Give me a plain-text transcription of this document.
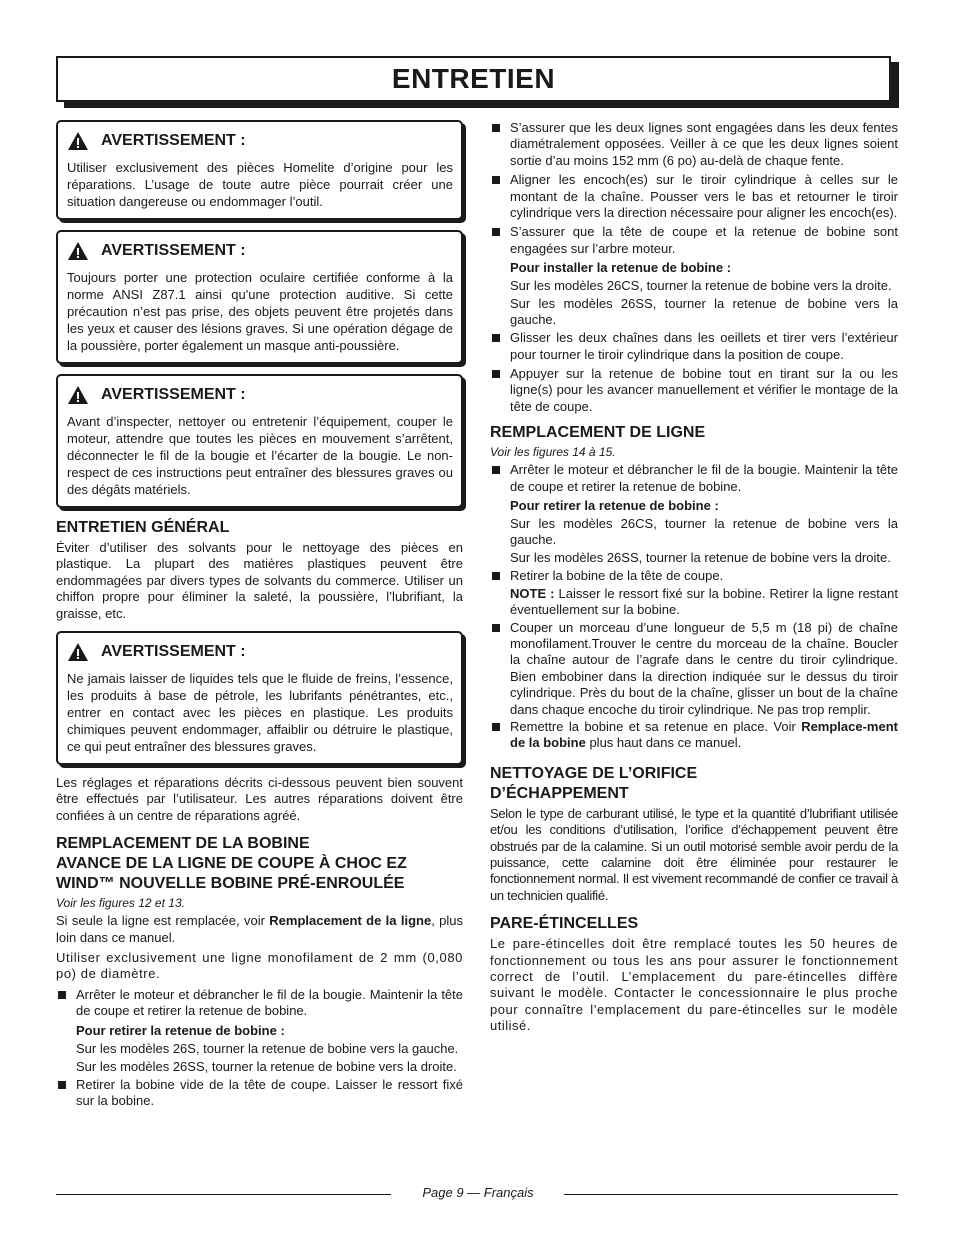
ENTRETIEN
AVERTISSEMENT :

Utiliser exclusivement des pièces Homelite d’origine pour les réparations. L’usage de toute autre pièce pourrait créer une situation dangereuse ou endommager l’outil.

AVERTISSEMENT :

Toujours porter une protection oculaire certifiée conforme à la norme ANSI Z87.1 ainsi qu'une protection auditive. Si cette précaution n’est pas prise, des objets peuvent être projetés dans les yeux et causer des lésions graves. Si une opération dégage de la poussière, porter également un masque anti-poussière.

AVERTISSEMENT :

Avant d’inspecter, nettoyer ou entretenir l’équipement, couper le moteur, attendre que toutes les pièces en mouvement s’arrêtent, déconnecter le fil de la bougie et l’écarter de la bougie. Le non-respect de ces instructions peut entraîner des blessures graves ou des dégâts matériels.

ENTRETIEN GÉNÉRAL

Éviter d’utiliser des solvants pour le nettoyage des pièces en plastique. La plupart des matières plastiques peuvent être endommagées par divers types de solvants du commerce. Utiliser un chiffon propre pour éliminer la saleté, la poussière, l’lubrifiant, la graisse, etc.

AVERTISSEMENT :

Ne jamais laisser de liquides tels que le fluide de freins, l’essence, les produits à base de pétrole, les lubrifants pénétrantes, etc., entrer en contact avec les pièces en plastique. Les produits chimiques peuvent endommager, affaiblir ou détruire le plastique, ce qui peut entraîner des blessures graves.

Les réglages et réparations décrits ci-dessous peuvent bien souvent être effectués par l’utilisateur. Les autres réparations doivent être confiées à un centre de réparations agréé.

REMPLACEMENT DE LA BOBINE
AVANCE DE LA LIGNE DE COUPE À CHOC EZ
WIND™ NOUVELLE BOBINE PRÉ-ENROULÉE

Voir les figures 12 et 13.

Si seule la ligne est remplacée, voir Remplacement de la ligne, plus loin dans ce manuel.

Utiliser exclusivement une ligne monofilament de 2 mm (0,080 po) de diamètre.

Arrêter le moteur et débrancher le fil de la bougie. Maintenir la tête de coupe et retirer la retenue de bobine.

Pour retirer la retenue de bobine :

Sur les modèles 26S, tourner la retenue de bobine vers la gauche.

Sur les modèles 26SS, tourner la retenue de bobine vers la droite.

Retirer la bobine vide de la tête de coupe. Laisser le ressort fixé sur la bobine.

S’assurer que les deux lignes sont engagées dans les deux fentes diamétralement opposées. Veiller à ce que les deux lignes soient sortie d’au moins 152 mm (6 po) au-delà de chaque fente.

Aligner les encoch(es) sur le tiroir cylindrique à celles sur le montant de la chaîne. Pousser vers le bas et retourner le tiroir cylindrique vers la direction nécessaire pour aligner les encoch(es).

S’assurer que la tête de coupe et la retenue de bobine sont engagées sur l’arbre moteur.

Pour installer la retenue de bobine :

Sur les modèles 26CS, tourner la retenue de bobine vers la droite.

Sur les modèles 26SS, tourner la retenue de bobine vers la gauche.

Glisser les deux chaînes dans les oeillets et tirer vers l’extérieur pour tourner le tiroir cylindrique dans la position de coupe.

Appuyer sur la retenue de bobine tout en tirant sur la ou les ligne(s) pour les avancer manuellement et vérifier le montage de la tête de coupe.

REMPLACEMENT DE LIGNE

Voir les figures 14 à 15.

Arrêter le moteur et débrancher le fil de la bougie. Maintenir la tête de coupe et retirer la retenue de bobine.

Pour retirer la retenue de bobine :

Sur les modèles 26CS, tourner la retenue de bobine vers la gauche.

Sur les modèles 26SS, tourner la retenue de bobine vers la droite.

Retirer la bobine de la tête de coupe.

NOTE : Laisser le ressort fixé sur la bobine. Retirer la ligne restant éventuellement sur la bobine.

Couper un morceau d’une longueur de 5,5 m (18 pi) de chaîne monofilament.Trouver le centre du morceau de la chaîne. Boucler la chaîne autour de l’agrafe dans le centre du tiroir cylindrique. Bien embobiner dans la direction indiquée sur le dessus du tiroir cylindrique. Près du bout de la chaîne, glisser un bout de la chaîne dans chaque encoche du tiroir cylindrique. Ne pas trop remplir.

Remettre la bobine et sa retenue en place. Voir Remplace-ment de la bobine plus haut dans ce manuel.

NETTOYAGE DE L’ORIFICE
D’ÉCHAPPEMENT

Selon le type de carburant utilisé, le type et la quantité d’lubrifiant utilisée et/ou les conditions d’utilisation, l’orifice d’échappement peuvent être obstrués par de la calamine. Si un outil motorisé semble avoir perdu de la puissance, cette calamine doit être éliminée pour restaurer le fonctionnement normal. Il est vivement recommandé de confier ce travail à un technicien qualifié.

PARE-ÉTINCELLES

Le pare-étincelles doit être remplacé toutes les 50 heures de fonctionnement ou tous les ans pour assurer le fonctionnement correct de l’outil. L’emplacement du pare-étincelles diffère suivant le modèle. Contacter le concessionnaire le plus proche pour connaître l’emplacement du pare-étincelles sur le modèle utilisé.

Page 9 — Français
